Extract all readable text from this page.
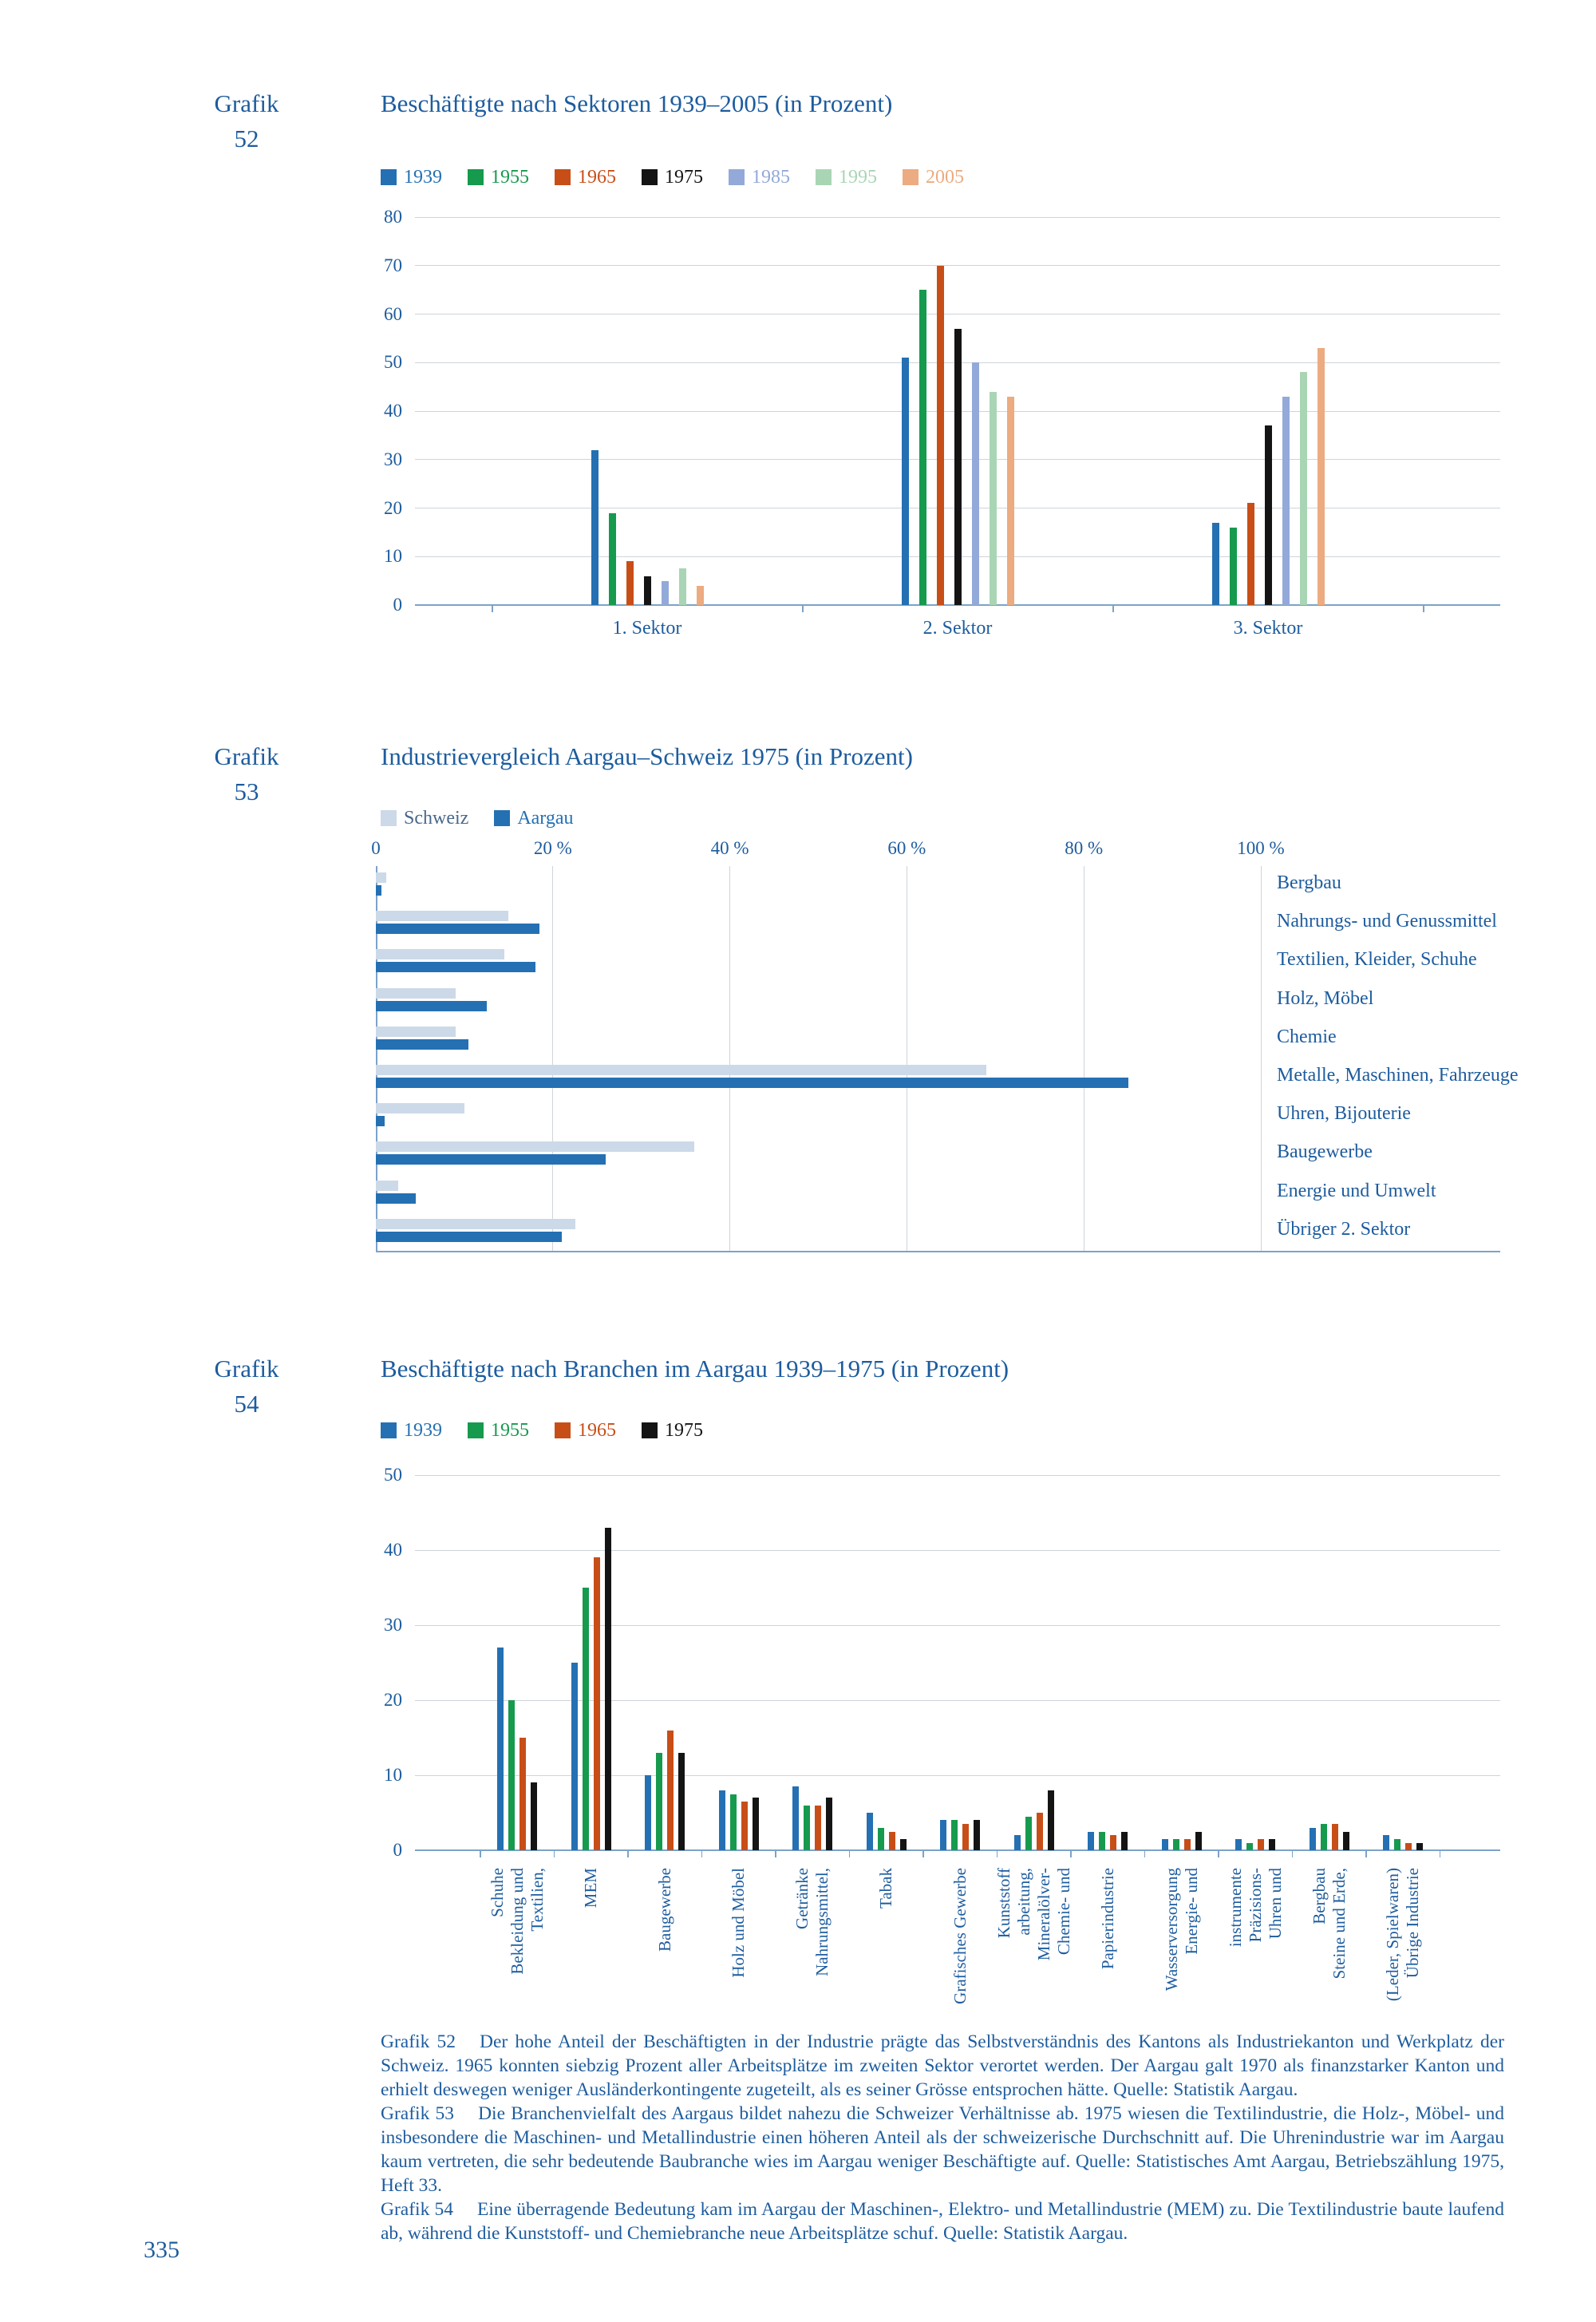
Grafik
52
Beschäftigte nach Sektoren 1939–2005 (in Prozent)
1939	1955	1965	1975	1985	1995	2005
0
10
20
30
40
50
60
70
80
1. Sektor	2. Sektor	3. Sektor
Grafik
53
Industrievergleich Aargau–Schweiz 1975 (in Prozent)
Schweiz	Aargau
0	20 %	40 %	60 %	80 %	100 %
Bergbau
Nahrungs- und Genussmittel
Textilien, Kleider, Schuhe
Holz, Möbel
Chemie
Metalle, Maschinen, Fahrzeuge
Uhren, Bijouterie
Baugewerbe
Energie und Umwelt
Übriger 2. Sektor
Grafik
54
Beschäftigte nach Branchen im Aargau 1939–1975 (in Prozent)
1939	1955	1965	1975
0
10
20
30
40
50
Textilien,
Bekleidung und
Schuhe	MEM	Baugewerbe	Holz und Möbel	Nahrungsmittel,
Getränke	Tabak	Grafisches Gewerbe	Chemie- und
Mineralölver-
arbeitung,
Kunststoff	Papierindustrie	Energie- und
Wasserversorgung	Uhren und
Präzisions-
instrumente	Steine und Erde,
Bergbau	Übrige Industrie
(Leder, Spielwaren)

Grafik 52 Der hohe Anteil der Beschäftigten in der Industrie prägte das Selbstverständnis des Kantons als Industriekanton und Werkplatz der Schweiz. 1965 konnten siebzig Prozent aller Arbeitsplätze im zweiten Sektor verortet werden. Der Aargau galt 1970 als finanzstarker Kanton und erhielt deswegen weniger Ausländerkontingente zugeteilt, als es seiner Grösse entsprochen hätte. Quelle: Statistik Aargau.

Grafik 53 Die Branchenvielfalt des Aargaus bildet nahezu die Schweizer Verhältnisse ab. 1975 wiesen die Textilindustrie, die Holz-, Möbel- und insbesondere die Maschinen- und Metallindustrie einen höheren Anteil als der schweizerische Durchschnitt auf. Die Uhrenindustrie war im Aargau kaum vertreten, die sehr bedeutende Baubranche wies im Aargau weniger Beschäftigte auf. Quelle: Statistisches Amt Aargau, Betriebszählung 1975, Heft 33.

Grafik 54 Eine überragende Bedeutung kam im Aargau der Maschinen-, Elektro- und Metallindustrie (MEM) zu. Die Textilindustrie baute laufend ab, während die Kunststoff- und Chemiebranche neue Arbeitsplätze schuf. Quelle: Statistik Aargau.

335
